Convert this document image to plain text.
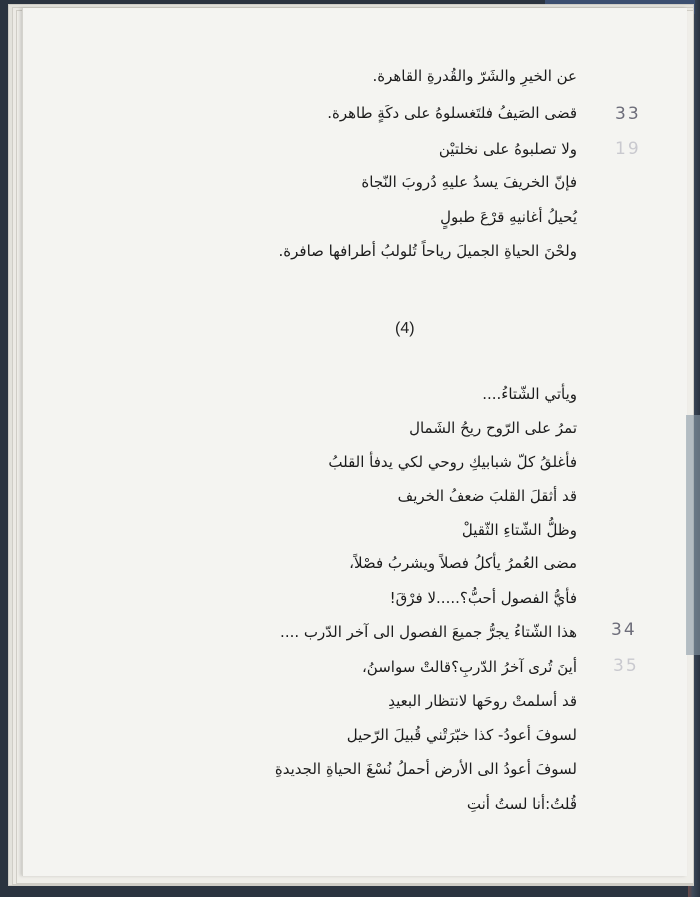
عن الخيرِ والشَرّ والقُدرةِ القاهرة.
قضى الصَيفُ فلتَغسلوهُ على دكَةٍ طاهرة.
ولا تصلبوهُ على نخلتيْن
فإنّ الخريفَ يسدُ عليهِ دُروبَ النّجاة
يُحيلُ أغانيهِ قرْعَ طبولٍ
ولحْنَ الحياةِ الجميلَ رياحاً تُلولبُ أطرافها صافرة.
(4)
ويأتي الشّتاءُ....
تمرُ على الرّوح ريحُ الشَمال
فأغلقُ كلّ شبابيكِ روحي لكي يدفأ القلبُ
قد أثقلَ القلبَ ضعفُ الخريف
وظلُّ الشّتاءِ الثّقيلْ
مضى العُمرُ يأكلُ فصلاً ويشربُ فصْلاً،
فأيُّ الفصول أحبُّ؟.....لا فرْقَ!
هذا الشّتاءُ يجرُّ جميعَ الفصول الى آخر الدّرب ....
أينَ تُرى آخرُ الدّربِ؟قالتْ سواسنُ،
قد أسلمتْ روحَها لانتظار البعيدِ
لسوفَ أعودُ- كذا خبّرَتْني قُبيلَ الرّحيل
لسوفَ أعودُ الى الأرض أحملُ نُسْغَ الحياةِ الجديدةِ
قُلتُ:أنا لستُ أنتِ
33
19
34
35
